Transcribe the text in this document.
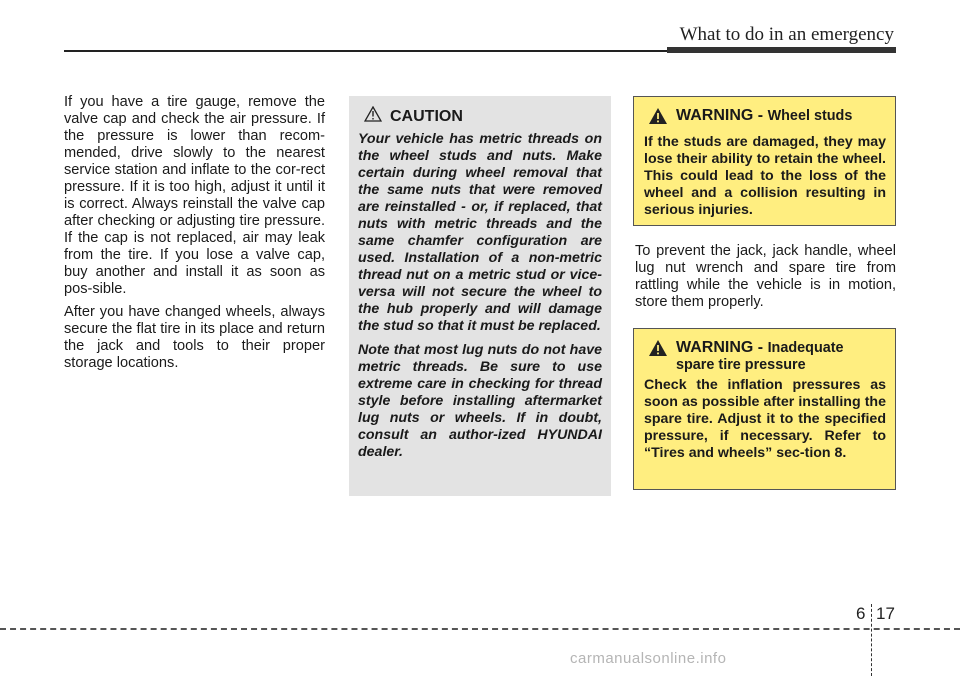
What to do in an emergency

If you have a tire gauge, remove the valve cap and check the air pressure. If the pressure is lower than recom-mended, drive slowly to the nearest service station and inflate to the cor-rect pressure. If it is too high, adjust it until it is correct. Always reinstall the valve cap after checking or adjusting tire pressure. If the cap is not replaced, air may leak from the tire. If you lose a valve cap, buy another and install it as soon as pos-sible.

After you have changed wheels, always secure the flat tire in its place and return the jack and tools to their proper storage locations.

CAUTION

Your vehicle has metric threads on the wheel studs and nuts. Make certain during wheel removal that the same nuts that were removed are reinstalled - or, if replaced, that nuts with metric threads and the same chamfer configuration are used. Installation of a non-metric thread nut on a metric stud or vice-versa will not secure the wheel to the hub properly and will damage the stud so that it must be replaced.

Note that most lug nuts do not have metric threads. Be sure to use extreme care in checking for thread style before installing aftermarket lug nuts or wheels. If in doubt, consult an author-ized HYUNDAI dealer.

WARNING - Wheel studs

If the studs are damaged, they may lose their ability to retain the wheel. This could lead to the loss of the wheel and a collision resulting in serious injuries.

To prevent the jack, jack handle, wheel lug nut wrench and spare tire from rattling while the vehicle is in motion, store them properly.

WARNING - Inadequate
spare tire pressure

Check the inflation pressures as soon as possible after installing the spare tire. Adjust it to the specified pressure, if necessary. Refer to “Tires and wheels” sec-tion 8.

6 17
carmanualsonline.info
